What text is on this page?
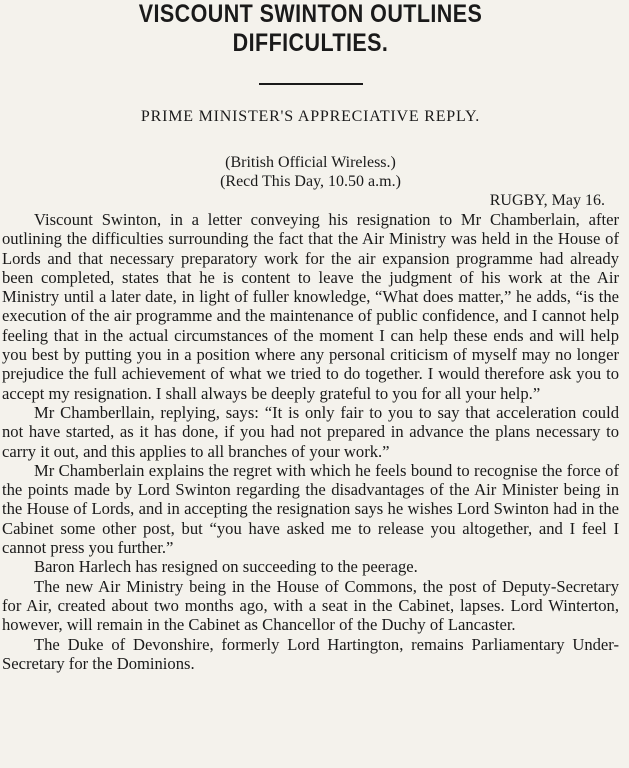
VISCOUNT SWINTON OUTLINES
DIFFICULTIES.

PRIME MINISTER'S APPRECIATIVE REPLY.

(British Official Wireless.)

(Recd This Day, 10.50 a.m.)

RUGBY, May 16.

Viscount Swinton, in a letter conveying his resignation to Mr Chamberlain, after outlining the difficulties surrounding the fact that the Air Ministry was held in the House of Lords and that necessary preparatory work for the air expansion programme had already been completed, states that he is content to leave the judgment of his work at the Air Ministry until a later date, in light of fuller knowledge, “What does matter,” he adds, “is the execution of the air programme and the maintenance of public confidence, and I cannot help feeling that in the actual circumstances of the moment I can help these ends and will help you best by putting you in a position where any personal criticism of myself may no longer prejudice the full achievement of what we tried to do together. I would therefore ask you to accept my resignation. I shall always be deeply grateful to you for all your help.”

Mr Chamberllain, replying, says: “It is only fair to you to say that acceleration could not have started, as it has done, if you had not prepared in advance the plans necessary to carry it out, and this applies to all branches of your work.”

Mr Chamberlain explains the regret with which he feels bound to recognise the force of the points made by Lord Swinton regarding the disadvantages of the Air Minister being in the House of Lords, and in accepting the resignation says he wishes Lord Swinton had in the Cabinet some other post, but “you have asked me to release you altogether, and I feel I cannot press you further.”

Baron Harlech has resigned on succeeding to the peerage.

The new Air Ministry being in the House of Commons, the post of Deputy-Secretary for Air, created about two months ago, with a seat in the Cabinet, lapses. Lord Winterton, however, will remain in the Cabinet as Chancellor of the Duchy of Lancaster.

The Duke of Devonshire, formerly Lord Hartington, remains Parliamentary Under-Secretary for the Dominions.
